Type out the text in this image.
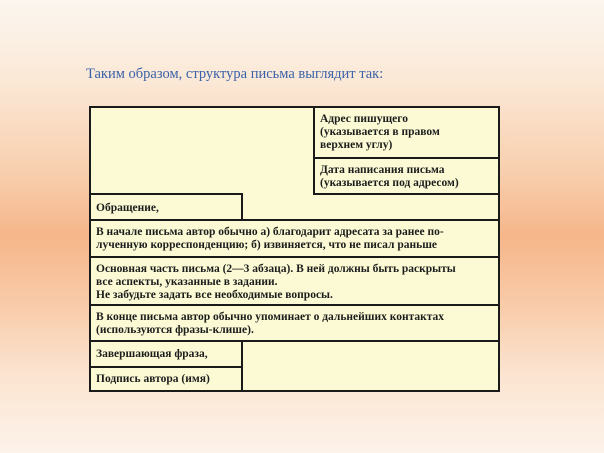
Таким образом, структура письма выглядит так:
Адрес пишущего
(указывается в правом
верхнем углу)
Дата написания письма
(указывается под адресом)
Обращение,
В начале письма автор обычно а) благодарит адресата за ранее по-
лученную корреспонденцию; б) извиняется, что не писал раньше
Основная часть письма (2—3 абзаца). В ней должны быть раскрыты
все аспекты, указанные в задании.
Не забудьте задать все необходимые вопросы.
В конце письма автор обычно упоминает о дальнейших контактах
(используются фразы-клише).
Завершающая фраза,
Подпись автора (имя)
